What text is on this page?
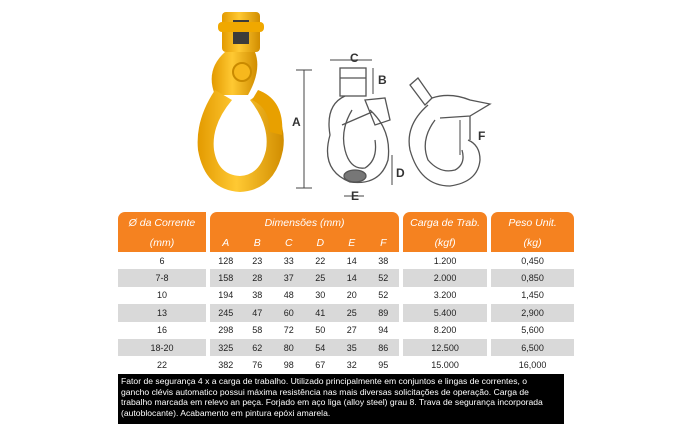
C
B
A
D
E
F
Ø da Corrente		Dimensões (mm)							Carga de Trab.		Peso Unit.
(mm)		A	B	C	D	E	F		(kgf)		(kg)
6		128	23	33	22	14	38		1.200		0,450
7-8		158	28	37	25	14	52		2.000		0,850
10		194	38	48	30	20	52		3.200		1,450
13		245	47	60	41	25	89		5.400		2,900
16		298	58	72	50	27	94		8.200		5,600
18-20		325	62	80	54	35	86		12.500		6,500
22		382	76	98	67	32	95		15.000		16,000
Fator de segurança 4 x a carga de trabalho. Utilizado principalmente em conjuntos e lingas de correntes, o
gancho clévis automatico possui máxima resistência nas mais diversas solicitações de operação. Carga de
trabalho marcada em relevo an peça. Forjado em aço liga (alloy steel) grau 8. Trava de segurança incorporada
(autoblocante). Acabamento em pintura epóxi amarela.
